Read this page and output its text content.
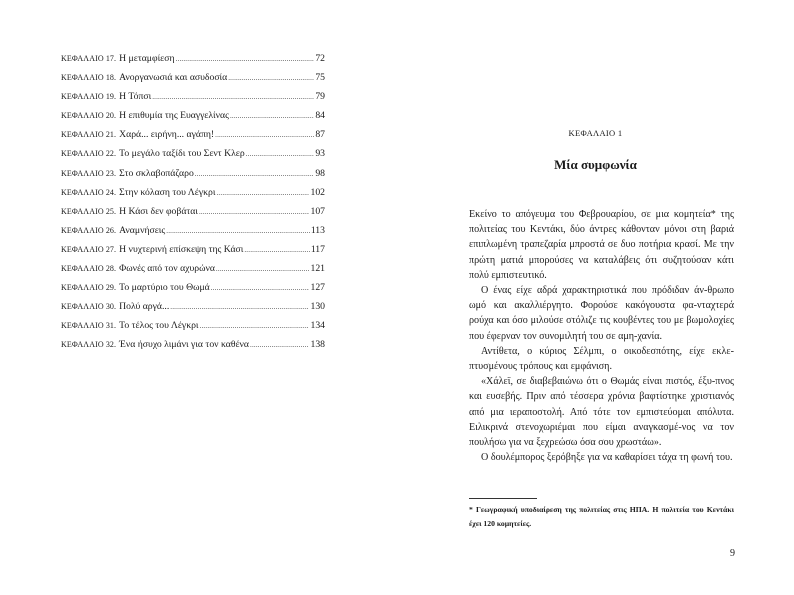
ΚΕΦΑΛΑΙΟ 17. Η μεταμφίεση .....	72
ΚΕΦΑΛΑΙΟ 18. Ανοργανωσιά και ασυδοσία .....	75
ΚΕΦΑΛΑΙΟ 19. Η Τόπσι .....	79
ΚΕΦΑΛΑΙΟ 20. Η επιθυμία της Ευαγγελίνας .....	84
ΚΕΦΑΛΑΙΟ 21. Χαρά... ειρήνη... αγάπη! .....	87
ΚΕΦΑΛΑΙΟ 22. Το μεγάλο ταξίδι του Σεντ Κλερ .....	93
ΚΕΦΑΛΑΙΟ 23. Στο σκλαβοπάζαρο .....	98
ΚΕΦΑΛΑΙΟ 24. Στην κόλαση του Λέγκρι .....	102
ΚΕΦΑΛΑΙΟ 25. Η Κάσι δεν φοβάται .....	107
ΚΕΦΑΛΑΙΟ 26. Αναμνήσεις .....	113
ΚΕΦΑΛΑΙΟ 27. Η νυχτερινή επίσκεψη της Κάσι .....	117
ΚΕΦΑΛΑΙΟ 28. Φωνές από τον αχυρώνα .....	121
ΚΕΦΑΛΑΙΟ 29. Το μαρτύριο του Θωμά .....	127
ΚΕΦΑΛΑΙΟ 30. Πολύ αργά... .....	130
ΚΕΦΑΛΑΙΟ 31. Το τέλος του Λέγκρι .....	134
ΚΕΦΑΛΑΙΟ 32. Ένα ήσυχο λιμάνι για τον καθένα .....	138
ΚΕΦΑΛΑΙΟ 1
Μία συμφωνία

Εκείνο το απόγευμα του Φεβρουαρίου, σε μια κομητεία* της πολιτείας του Κεντάκι, δύο άντρες κάθονταν μόνοι στη βαριά επιπλωμένη τραπεζαρία μπροστά σε δυο ποτήρια κρασί. Με την πρώτη ματιά μπορούσες να καταλάβεις ότι συζητούσαν κάτι πολύ εμπιστευτικό.

Ο ένας είχε αδρά χαρακτηριστικά που πρόδιδαν άν-θρωπο ωμό και ακαλλιέργητο. Φορούσε κακόγουστα φα-νταχτερά ρούχα και όσο μιλούσε στόλιζε τις κουβέντες του με βωμολοχίες που έφερναν τον συνομιλητή του σε αμη-χανία.

Αντίθετα, ο κύριος Σέλμπι, ο οικοδεσπότης, είχε εκλε-πτυσμένους τρόπους και εμφάνιση.

«Χάλεϊ, σε διαβεβαιώνω ότι ο Θωμάς είναι πιστός, έξυ-πνος και ευσεβής. Πριν από τέσσερα χρόνια βαφτίστηκε χριστιανός από μια ιεραποστολή. Από τότε τον εμπιστεύομαι απόλυτα. Ειλικρινά στενοχωριέμαι που είμαι αναγκασμέ-νος να τον πουλήσω για να ξεχρεώσω όσα σου χρωστάω».

Ο δουλέμπορος ξερόβηξε για να καθαρίσει τάχα τη φωνή του.

* Γεωγραφική υποδιαίρεση της πολιτείας στις ΗΠΑ. Η πολιτεία του Κεντάκι έχει 120 κομητείες.
9
